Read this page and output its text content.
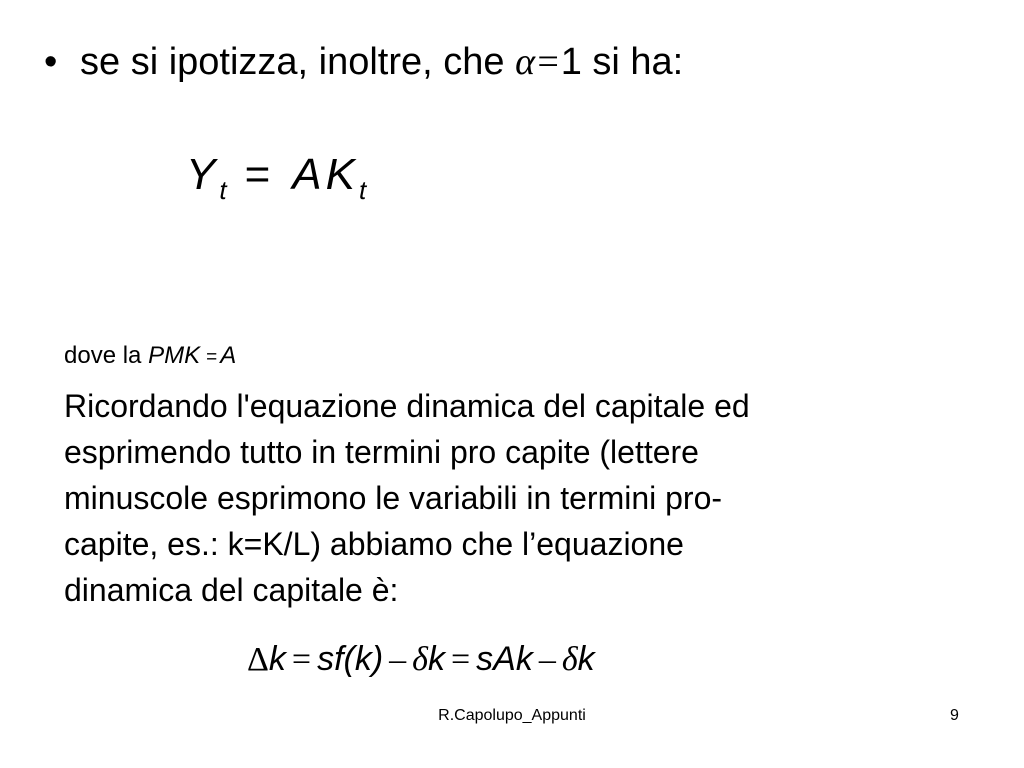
• se si ipotizza, inoltre, che α=1 si ha:
$Y_t = AK_t$
dove la PMK = A
Ricordando l'equazione dinamica del capitale ed
esprimendo tutto in termini pro capite (lettere
minuscole esprimono le variabili in termini pro-
capite, es.: k=K/L) abbiamo che l’equazione
dinamica del capitale è:
Δk = sf(k) – δk = sAk – δk
R.Capolupo_Appunti	9
